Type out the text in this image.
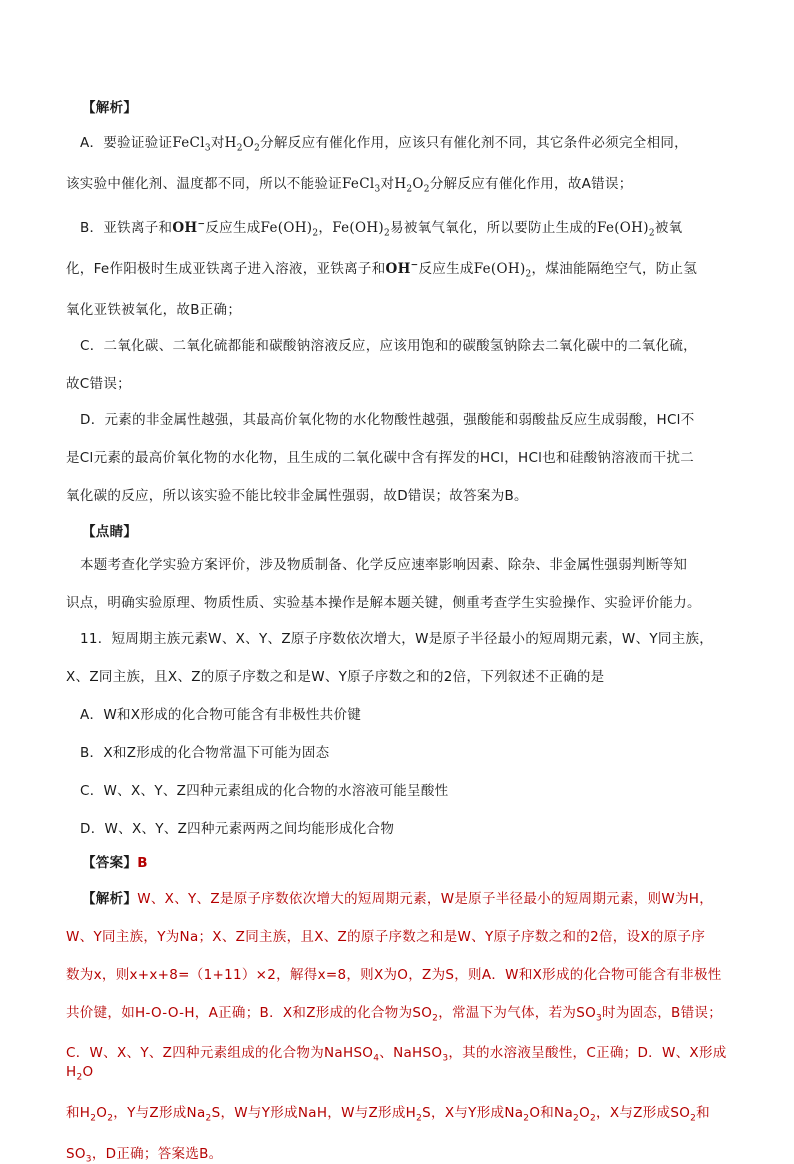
【解析】

A．要验证验证FeCl$_3$对$H_2O_2$分解反应有催化作用，应该只有催化剂不同，其它条件必须完全相同，

该实验中催化剂、温度都不同，所以不能验证FeCl$_3$对$H_2O_2$分解反应有催化作用，故A错误；

B．亚铁离子和OH−反应生成$Fe(OH)_2$，$Fe(OH)_2$易被氧气氧化，所以要防止生成的$Fe(OH)_2$被氧

化，Fe作阳极时生成亚铁离子进入溶液，亚铁离子和OH−反应生成$Fe(OH)_2$，煤油能隔绝空气，防止氢

氧化亚铁被氧化，故B正确；

C．二氧化碳、二氧化硫都能和碳酸钠溶液反应，应该用饱和的碳酸氢钠除去二氧化碳中的二氧化硫，

故C错误；

D．元素的非金属性越强，其最高价氧化物的水化物酸性越强，强酸能和弱酸盐反应生成弱酸，HCl不

是Cl元素的最高价氧化物的水化物，且生成的二氧化碳中含有挥发的HCl，HCl也和硅酸钠溶液而干扰二

氧化碳的反应，所以该实验不能比较非金属性强弱，故D错误；故答案为B。

【点睛】

本题考查化学实验方案评价，涉及物质制备、化学反应速率影响因素、除杂、非金属性强弱判断等知

识点，明确实验原理、物质性质、实验基本操作是解本题关键，侧重考查学生实验操作、实验评价能力。

11．短周期主族元素W、X、Y、Z原子序数依次增大，W是原子半径最小的短周期元素，W、Y同主族，

X、Z同主族，且X、Z的原子序数之和是W、Y原子序数之和的2倍，下列叙述不正确的是

A．W和X形成的化合物可能含有非极性共价键

B．X和Z形成的化合物常温下可能为固态

C．W、X、Y、Z四种元素组成的化合物的水溶液可能呈酸性

D．W、X、Y、Z四种元素两两之间均能形成化合物

【答案】B

【解析】W、X、Y、Z是原子序数依次增大的短周期元素，W是原子半径最小的短周期元素，则W为H，

W、Y同主族，Y为Na；X、Z同主族，且X、Z的原子序数之和是W、Y原子序数之和的2倍，设X的原子序

数为x，则x+x+8=（1+11）×2，解得x=8，则X为O，Z为S，则A．W和X形成的化合物可能含有非极性

共价键，如H-O-O-H，A正确；B．X和Z形成的化合物为$SO_2$，常温下为气体，若为$SO_3$时为固态，B错误；

C．W、X、Y、Z四种元素组成的化合物为NaHSO$_4$、NaHSO$_3$，其的水溶液呈酸性，C正确；D．W、X形成$H_2O$

和$H_2O_2$，Y与Z形成$Na_2S$，W与Y形成NaH，W与Z形成$H_2S$，X与Y形成$Na_2O$和$Na_2O_2$，X与Z形成$SO_2$和

$SO_3$，D正确；答案选B。
